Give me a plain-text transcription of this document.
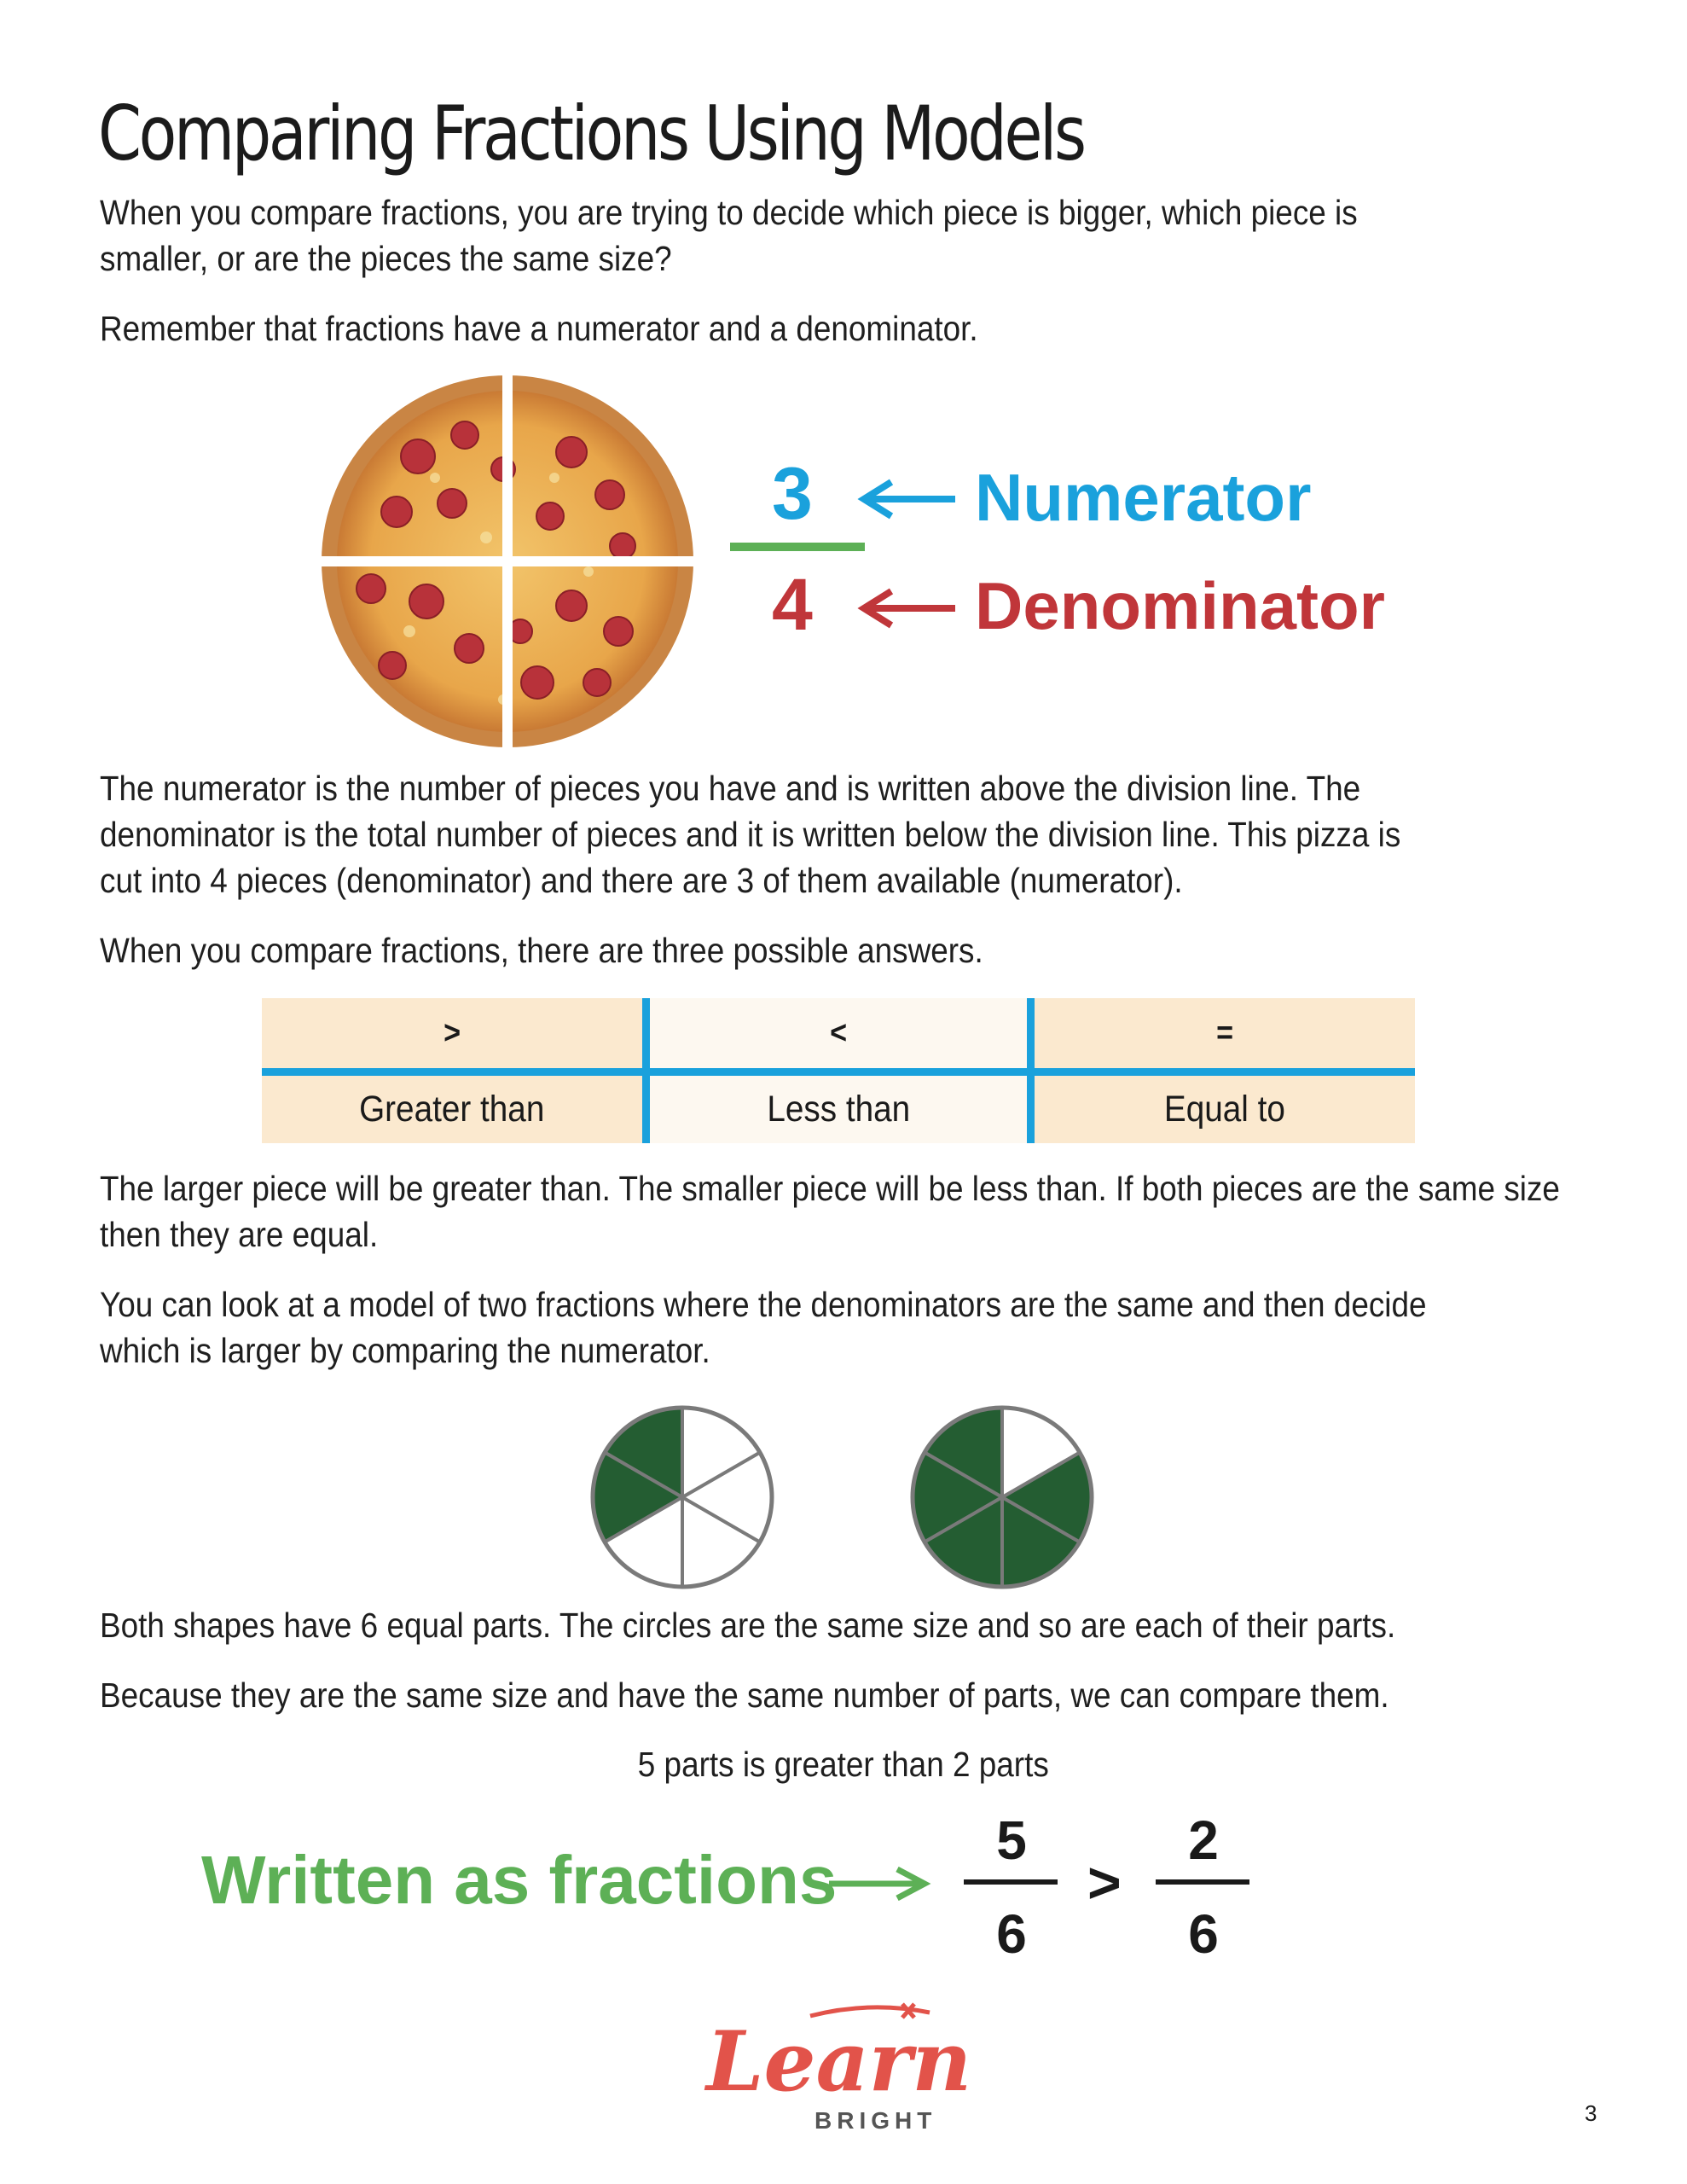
Comparing Fractions Using Models

When you compare fractions, you are trying to decide which piece is bigger, which piece is smaller, or are the pieces the same size?

Remember that fractions have a numerator and a denominator.

3
4
Numerator
Denominator

The numerator is the number of pieces you have and is written above the division line. The denominator is the total number of pieces and it is written below the division line. This pizza is cut into 4 pieces (denominator) and there are 3 of them available (numerator).

When you compare fractions, there are three possible answers.

>	<	=
Greater than	Less than	Equal to

The larger piece will be greater than. The smaller piece will be less than. If both pieces are the same size then they are equal.

You can look at a model of two fractions where the denominators are the same and then decide which is larger by comparing the numerator.

Both shapes have 6 equal parts. The circles are the same size and so are each of their parts.

Because they are the same size and have the same number of parts, we can compare them.

5 parts is greater than 2 parts
Written as fractions
5
6
>
2
6
Learn
BRIGHT	3
